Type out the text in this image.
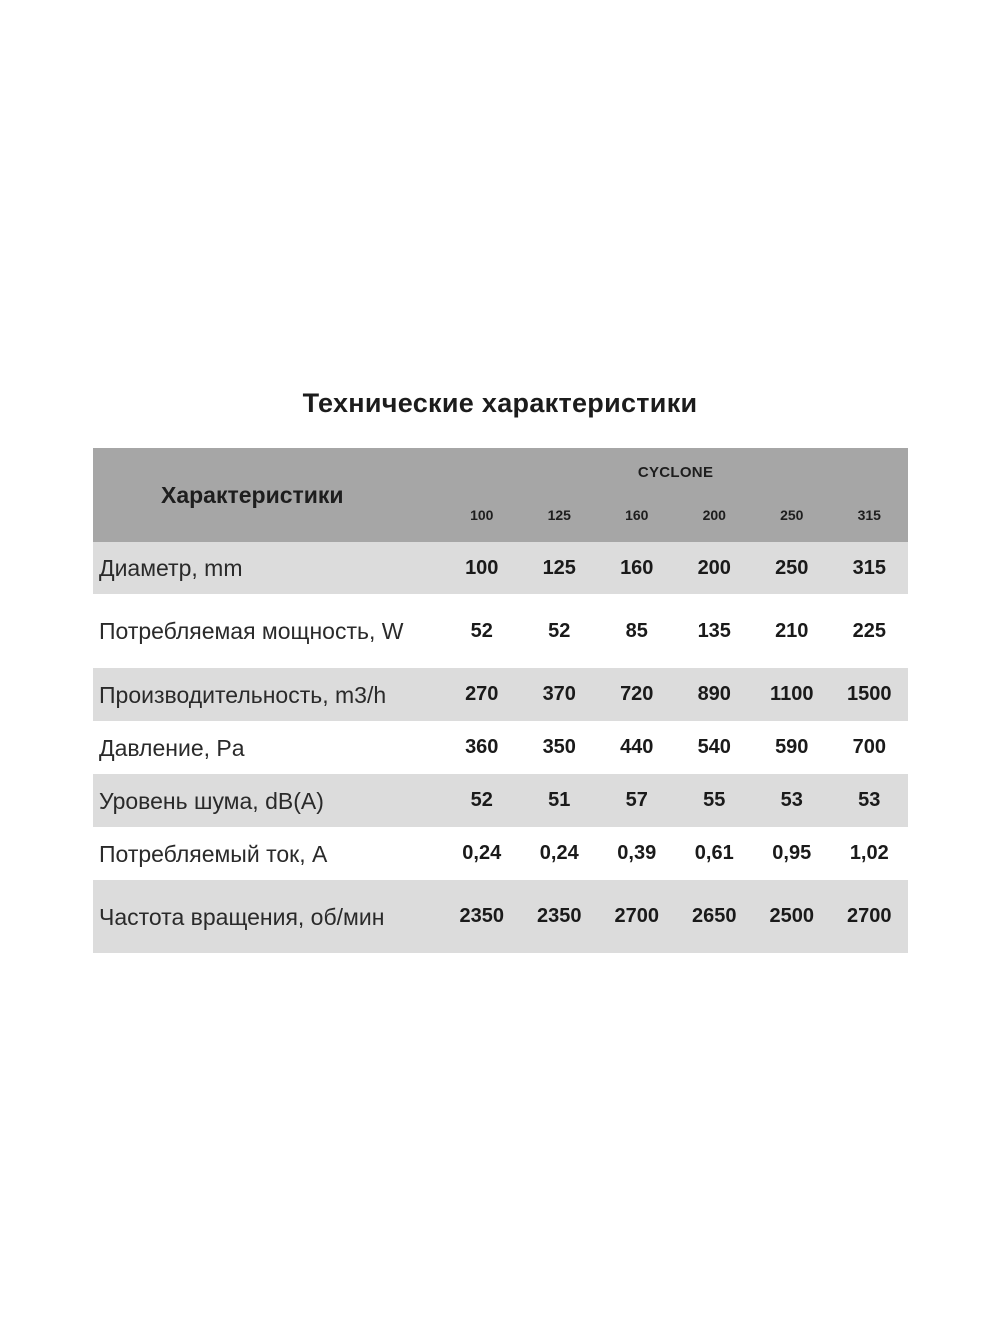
Технические характеристики
Характеристики	CYCLONE					
	100	125	160	200	250	315
Диаметр, mm	100	125	160	200	250	315
Потребляемая мощность, W	52	52	85	135	210	225
Производительность, m3/h	270	370	720	890	1100	1500
Давление, Pa	360	350	440	540	590	700
Уровень шума, dB(A)	52	51	57	55	53	53
Потребляемый ток, А	0,24	0,24	0,39	0,61	0,95	1,02
Частота вращения, об/мин	2350	2350	2700	2650	2500	2700
